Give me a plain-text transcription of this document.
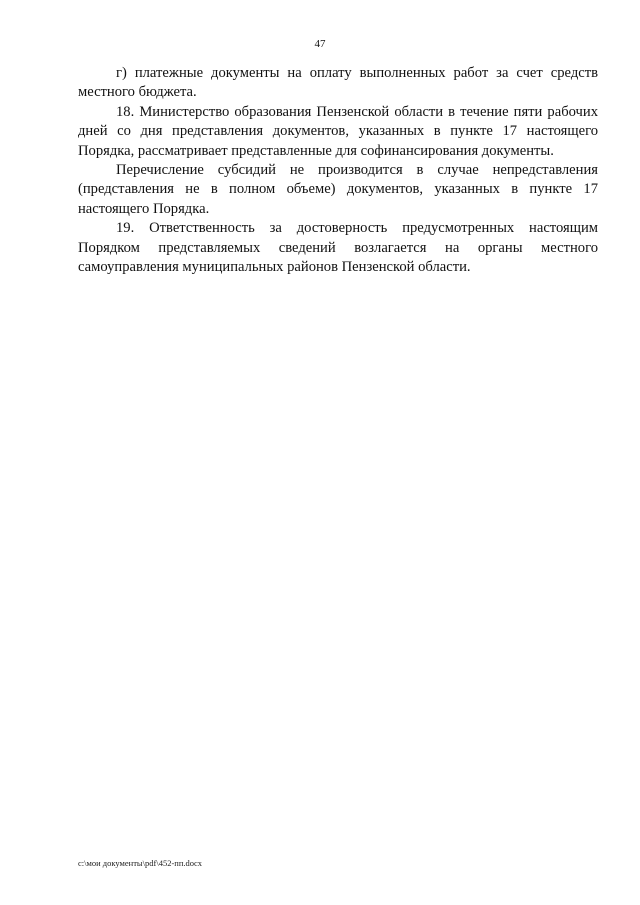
47

г) платежные документы на оплату выполненных работ за счет средств местного бюджета.

18. Министерство образования Пензенской области в течение пяти рабочих дней со дня представления документов, указанных в пункте 17 настоящего Порядка, рассматривает представленные для софинансирования документы.

Перечисление субсидий не производится в случае непредставления (представления не в полном объеме) документов, указанных в пункте 17 настоящего Порядка.

19. Ответственность за достоверность предусмотренных настоящим Порядком представляемых сведений возлагается на органы местного самоуправления муниципальных районов Пензенской области.

c:\мои документы\pdf\452-пп.docx
